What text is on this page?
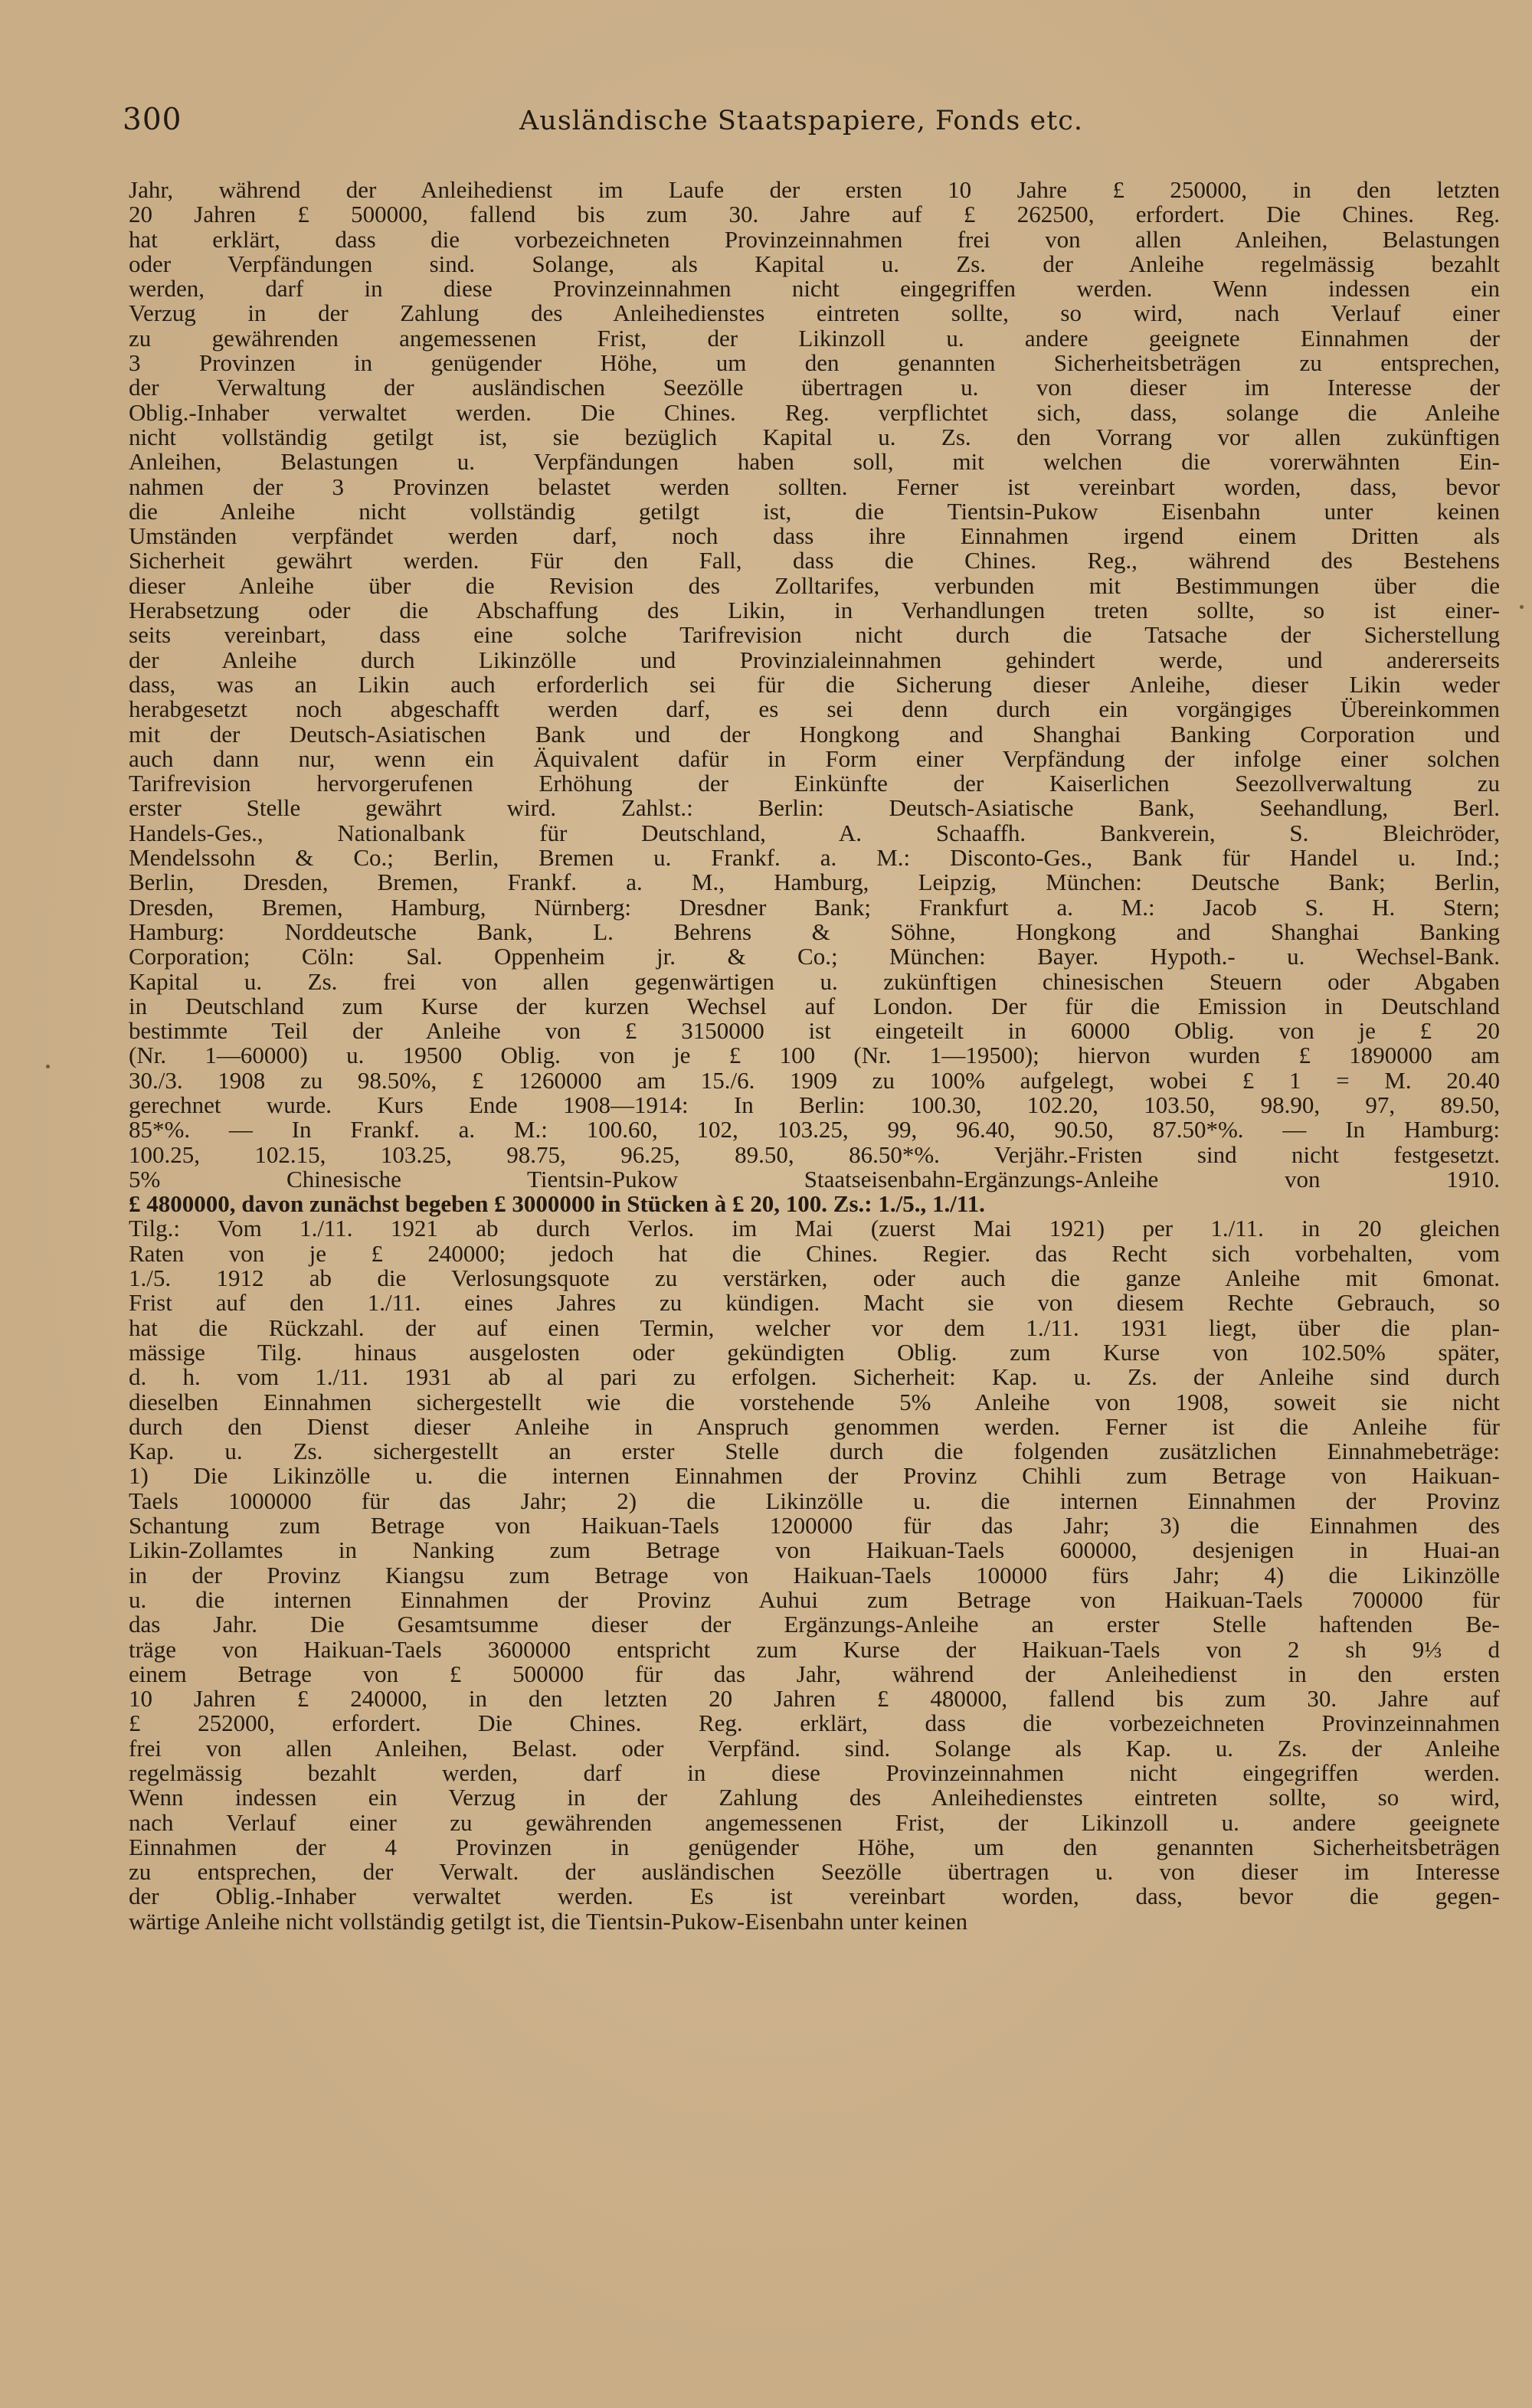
300	Ausländische Staatspapiere, Fonds etc.
Jahr, während der Anleihedienst im Laufe der ersten 10 Jahre £ 250000, in den letzten
20 Jahren £ 500000, fallend bis zum 30. Jahre auf £ 262500, erfordert. Die Chines. Reg.
hat erklärt, dass die vorbezeichneten Provinzeinnahmen frei von allen Anleihen, Belastungen
oder Verpfändungen sind. Solange, als Kapital u. Zs. der Anleihe regelmässig bezahlt
werden, darf in diese Provinzeinnahmen nicht eingegriffen werden. Wenn indessen ein
Verzug in der Zahlung des Anleihedienstes eintreten sollte, so wird, nach Verlauf einer
zu gewährenden angemessenen Frist, der Likinzoll u. andere geeignete Einnahmen der
3 Provinzen in genügender Höhe, um den genannten Sicherheitsbeträgen zu entsprechen,
der Verwaltung der ausländischen Seezölle übertragen u. von dieser im Interesse der
Oblig.-Inhaber verwaltet werden. Die Chines. Reg. verpflichtet sich, dass, solange die Anleihe
nicht vollständig getilgt ist, sie bezüglich Kapital u. Zs. den Vorrang vor allen zukünftigen
Anleihen, Belastungen u. Verpfändungen haben soll, mit welchen die vorerwähnten Ein-
nahmen der 3 Provinzen belastet werden sollten. Ferner ist vereinbart worden, dass, bevor
die Anleihe nicht vollständig getilgt ist, die Tientsin-Pukow Eisenbahn unter keinen
Umständen verpfändet werden darf, noch dass ihre Einnahmen irgend einem Dritten als
Sicherheit gewährt werden. Für den Fall, dass die Chines. Reg., während des Bestehens
dieser Anleihe über die Revision des Zolltarifes, verbunden mit Bestimmungen über die
Herabsetzung oder die Abschaffung des Likin, in Verhandlungen treten sollte, so ist einer-
seits vereinbart, dass eine solche Tarifrevision nicht durch die Tatsache der Sicherstellung
der Anleihe durch Likinzölle und Provinzialeinnahmen gehindert werde, und andererseits
dass, was an Likin auch erforderlich sei für die Sicherung dieser Anleihe, dieser Likin weder
herabgesetzt noch abgeschafft werden darf, es sei denn durch ein vorgängiges Übereinkommen
mit der Deutsch-Asiatischen Bank und der Hongkong and Shanghai Banking Corporation und
auch dann nur, wenn ein Äquivalent dafür in Form einer Verpfändung der infolge einer solchen
Tarifrevision hervorgerufenen Erhöhung der Einkünfte der Kaiserlichen Seezollverwaltung zu
erster Stelle gewährt wird. Zahlst.: Berlin: Deutsch-Asiatische Bank, Seehandlung, Berl.
Handels-Ges., Nationalbank für Deutschland, A. Schaaffh. Bankverein, S. Bleichröder,
Mendelssohn & Co.; Berlin, Bremen u. Frankf. a. M.: Disconto-Ges., Bank für Handel u. Ind.;
Berlin, Dresden, Bremen, Frankf. a. M., Hamburg, Leipzig, München: Deutsche Bank; Berlin,
Dresden, Bremen, Hamburg, Nürnberg: Dresdner Bank; Frankfurt a. M.: Jacob S. H. Stern;
Hamburg: Norddeutsche Bank, L. Behrens & Söhne, Hongkong and Shanghai Banking
Corporation; Cöln: Sal. Oppenheim jr. & Co.; München: Bayer. Hypoth.- u. Wechsel-Bank.
Kapital u. Zs. frei von allen gegenwärtigen u. zukünftigen chinesischen Steuern oder Abgaben
in Deutschland zum Kurse der kurzen Wechsel auf London. Der für die Emission in Deutschland
bestimmte Teil der Anleihe von £ 3150000 ist eingeteilt in 60000 Oblig. von je £ 20
(Nr. 1—60000) u. 19500 Oblig. von je £ 100 (Nr. 1—19500); hiervon wurden £ 1890000 am
30./3. 1908 zu 98.50%, £ 1260000 am 15./6. 1909 zu 100% aufgelegt, wobei £ 1 = M. 20.40
gerechnet wurde. Kurs Ende 1908—1914: In Berlin: 100.30, 102.20, 103.50, 98.90, 97, 89.50,
85*%. — In Frankf. a. M.: 100.60, 102, 103.25, 99, 96.40, 90.50, 87.50*%. — In Hamburg:
100.25, 102.15, 103.25, 98.75, 96.25, 89.50, 86.50*%. Verjähr.-Fristen sind nicht festgesetzt.
5% Chinesische Tientsin-Pukow Staatseisenbahn-Ergänzungs-Anleihe von 1910.
£ 4800000, davon zunächst begeben £ 3000000 in Stücken à £ 20, 100. Zs.: 1./5., 1./11.
Tilg.: Vom 1./11. 1921 ab durch Verlos. im Mai (zuerst Mai 1921) per 1./11. in 20 gleichen
Raten von je £ 240000; jedoch hat die Chines. Regier. das Recht sich vorbehalten, vom
1./5. 1912 ab die Verlosungsquote zu verstärken, oder auch die ganze Anleihe mit 6monat.
Frist auf den 1./11. eines Jahres zu kündigen. Macht sie von diesem Rechte Gebrauch, so
hat die Rückzahl. der auf einen Termin, welcher vor dem 1./11. 1931 liegt, über die plan-
mässige Tilg. hinaus ausgelosten oder gekündigten Oblig. zum Kurse von 102.50% später,
d. h. vom 1./11. 1931 ab al pari zu erfolgen. Sicherheit: Kap. u. Zs. der Anleihe sind durch
dieselben Einnahmen sichergestellt wie die vorstehende 5% Anleihe von 1908, soweit sie nicht
durch den Dienst dieser Anleihe in Anspruch genommen werden. Ferner ist die Anleihe für
Kap. u. Zs. sichergestellt an erster Stelle durch die folgenden zusätzlichen Einnahmebeträge:
1) Die Likinzölle u. die internen Einnahmen der Provinz Chihli zum Betrage von Haikuan-
Taels 1000000 für das Jahr; 2) die Likinzölle u. die internen Einnahmen der Provinz
Schantung zum Betrage von Haikuan-Taels 1200000 für das Jahr; 3) die Einnahmen des
Likin-Zollamtes in Nanking zum Betrage von Haikuan-Taels 600000, desjenigen in Huai-an
in der Provinz Kiangsu zum Betrage von Haikuan-Taels 100000 fürs Jahr; 4) die Likinzölle
u. die internen Einnahmen der Provinz Auhui zum Betrage von Haikuan-Taels 700000 für
das Jahr. Die Gesamtsumme dieser der Ergänzungs-Anleihe an erster Stelle haftenden Be-
träge von Haikuan-Taels 3600000 entspricht zum Kurse der Haikuan-Taels von 2 sh 9⅓ d
einem Betrage von £ 500000 für das Jahr, während der Anleihedienst in den ersten
10 Jahren £ 240000, in den letzten 20 Jahren £ 480000, fallend bis zum 30. Jahre auf
£ 252000, erfordert. Die Chines. Reg. erklärt, dass die vorbezeichneten Provinzeinnahmen
frei von allen Anleihen, Belast. oder Verpfänd. sind. Solange als Kap. u. Zs. der Anleihe
regelmässig bezahlt werden, darf in diese Provinzeinnahmen nicht eingegriffen werden.
Wenn indessen ein Verzug in der Zahlung des Anleihedienstes eintreten sollte, so wird,
nach Verlauf einer zu gewährenden angemessenen Frist, der Likinzoll u. andere geeignete
Einnahmen der 4 Provinzen in genügender Höhe, um den genannten Sicherheitsbeträgen
zu entsprechen, der Verwalt. der ausländischen Seezölle übertragen u. von dieser im Interesse
der Oblig.-Inhaber verwaltet werden. Es ist vereinbart worden, dass, bevor die gegen-
wärtige Anleihe nicht vollständig getilgt ist, die Tientsin-Pukow-Eisenbahn unter keinen
